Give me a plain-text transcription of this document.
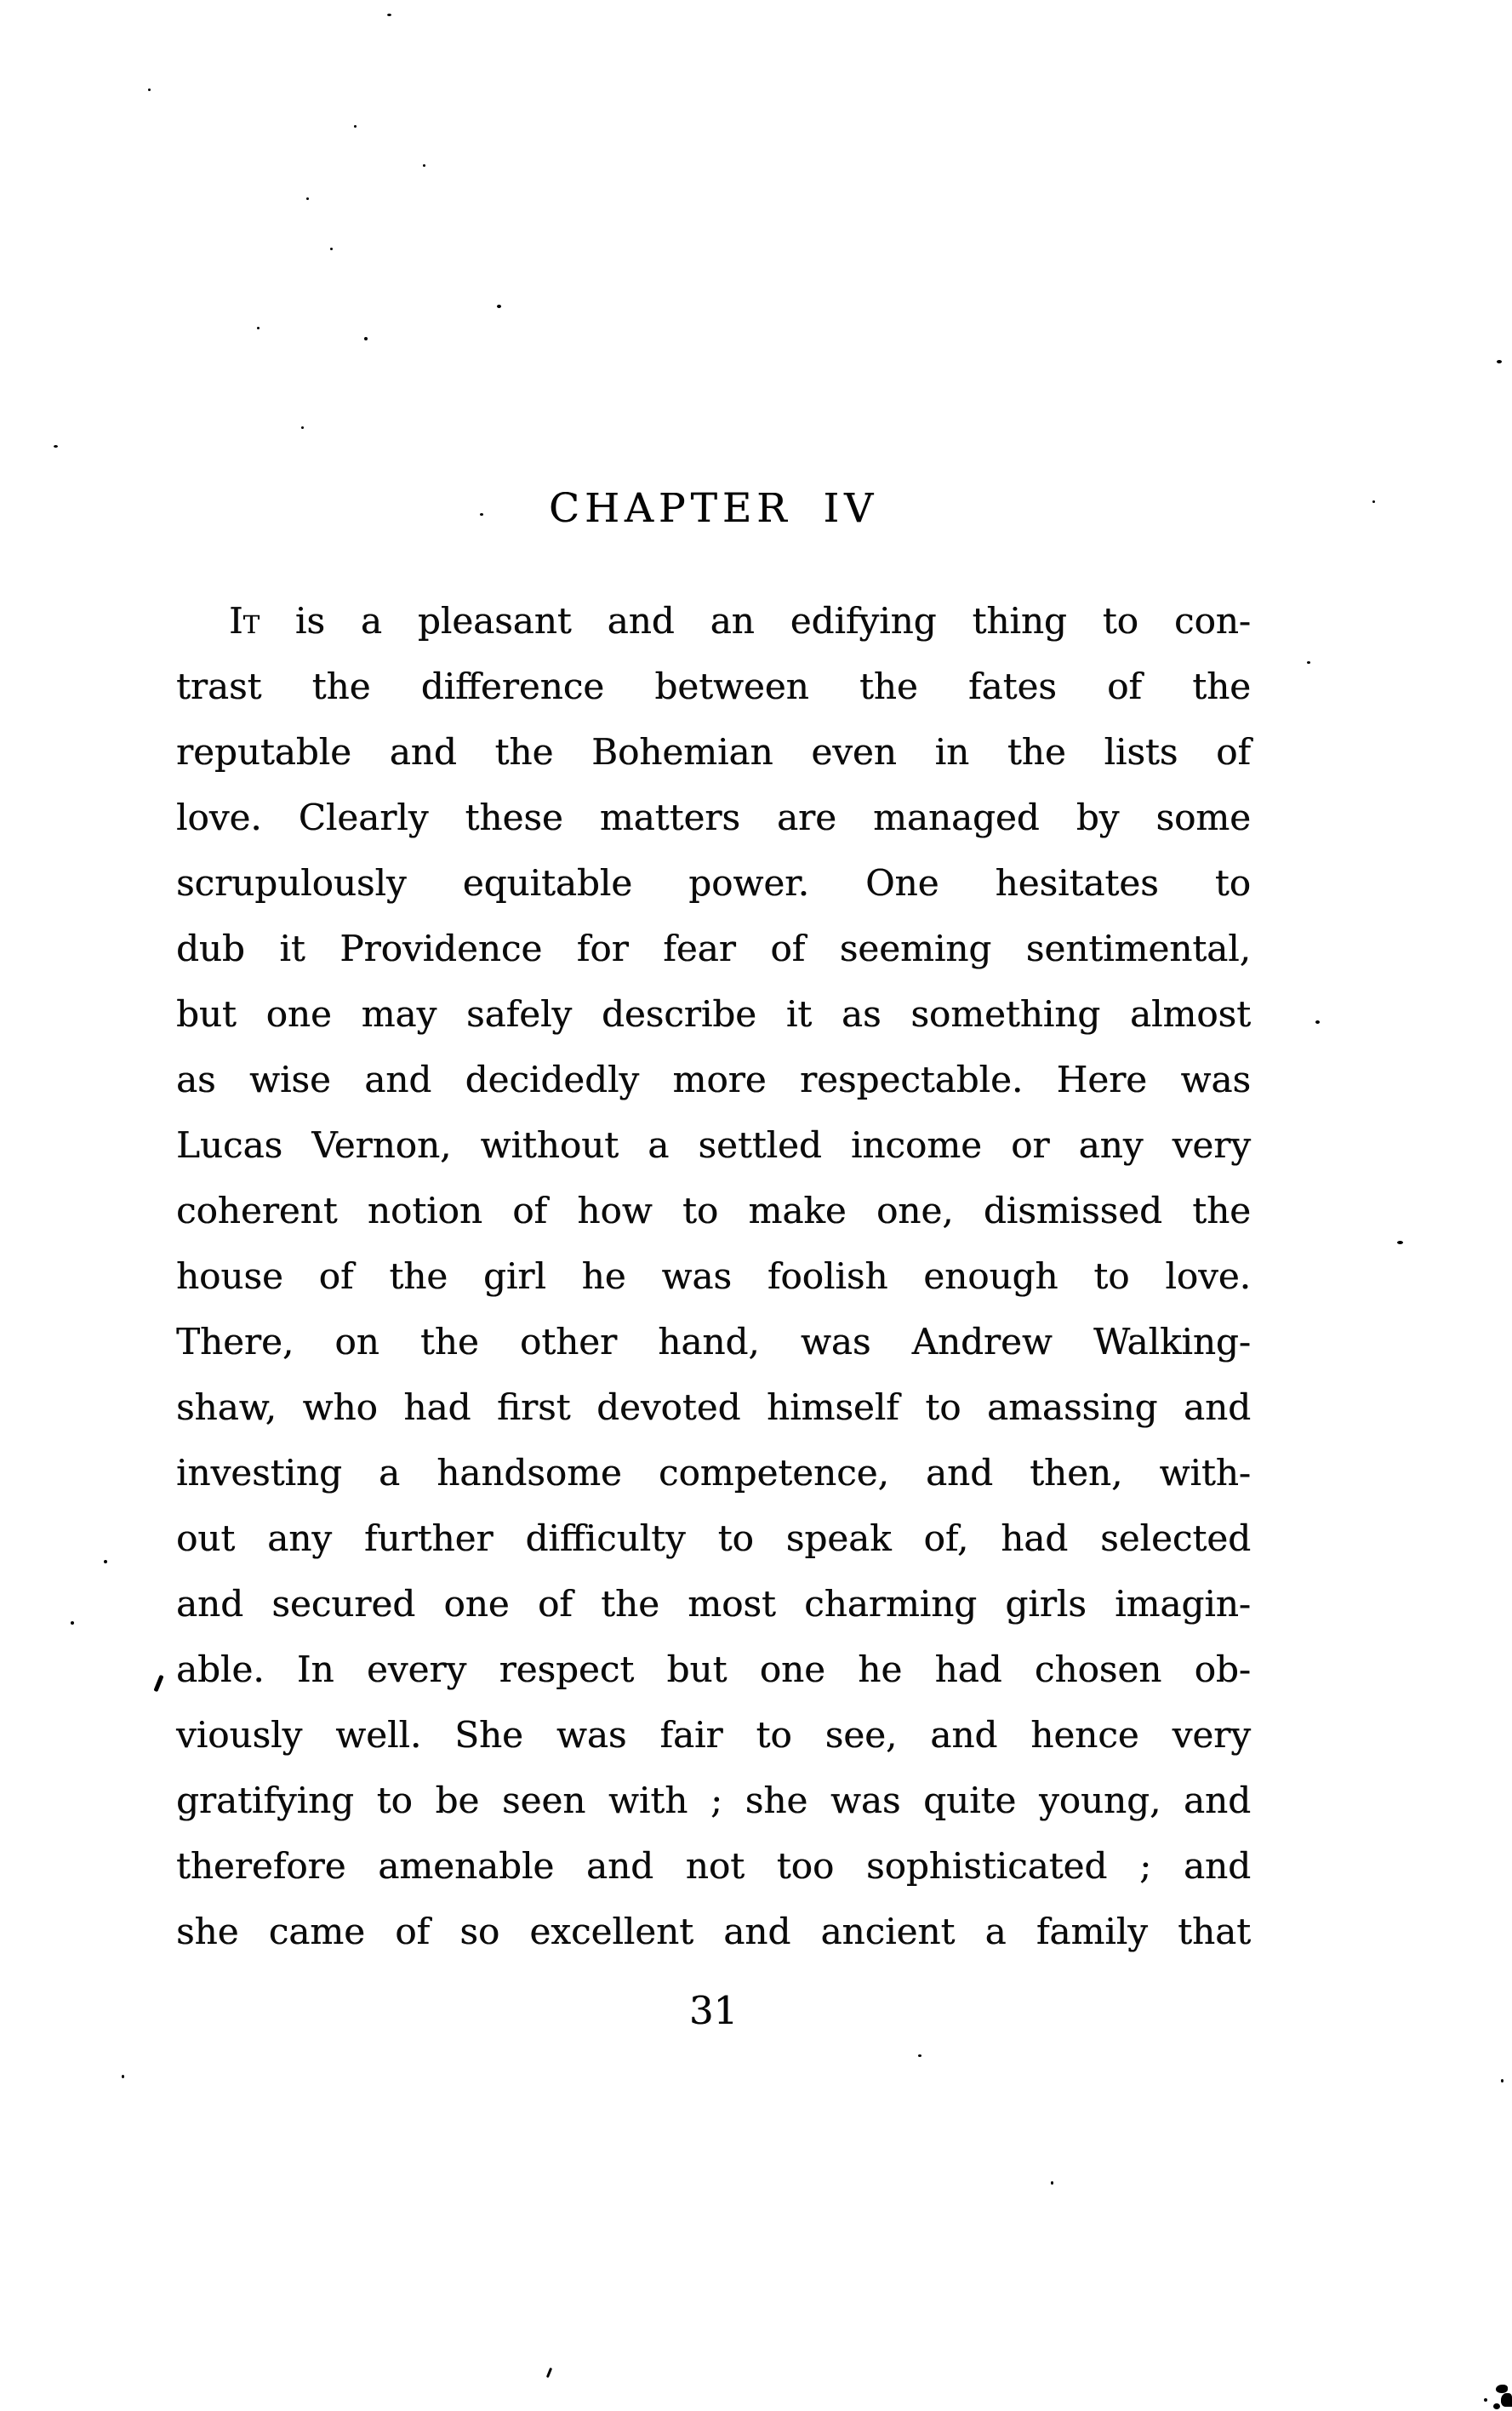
CHAPTER IV
It is a pleasant and an edifying thing to con-
trast the difference between the fates of the
reputable and the Bohemian even in the lists of
love. Clearly these matters are managed by some
scrupulously equitable power. One hesitates to
dub it Providence for fear of seeming sentimental,
but one may safely describe it as something almost
as wise and decidedly more respectable. Here was
Lucas Vernon, without a settled income or any very
coherent notion of how to make one, dismissed the
house of the girl he was foolish enough to love.
There, on the other hand, was Andrew Walking-
shaw, who had first devoted himself to amassing and
investing a handsome competence, and then, with-
out any further difficulty to speak of, had selected
and secured one of the most charming girls imagin-
able. In every respect but one he had chosen ob-
viously well. She was fair to see, and hence very
gratifying to be seen with ; she was quite young, and
therefore amenable and not too sophisticated ; and
she came of so excellent and ancient a family that
31
